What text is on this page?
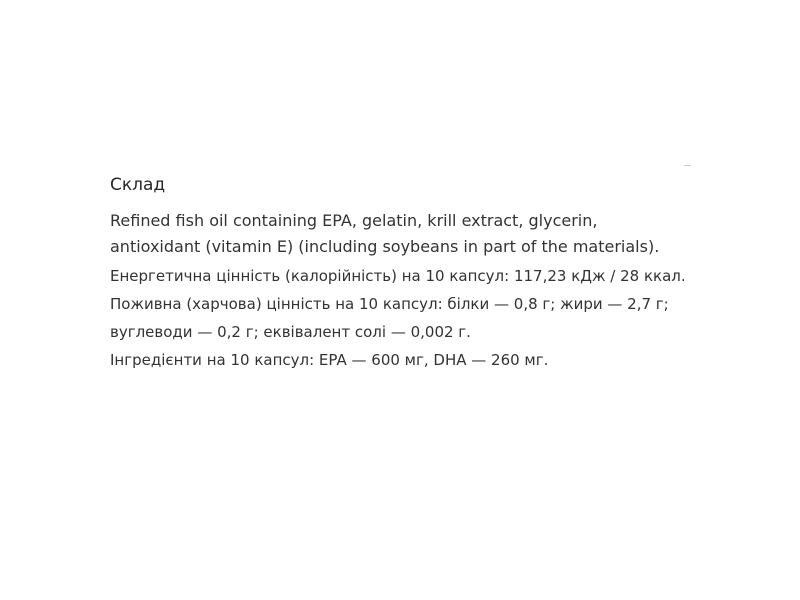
Склад
Refined fish oil containing EPA, gelatin, krill extract, glycerin, antioxidant (vitamin E) (including soybeans in part of the materials).

Енергетична цінність (калорійність) на 10 капсул: 117,23 кДж / 28 ккал.

Поживна (харчова) цінність на 10 капсул: білки — 0,8 г; жири — 2,7 г; вуглеводи — 0,2 г; еквівалент солі — 0,002 г.

Інгредієнти на 10 капсул: EPA — 600 мг, DHA — 260 мг.
